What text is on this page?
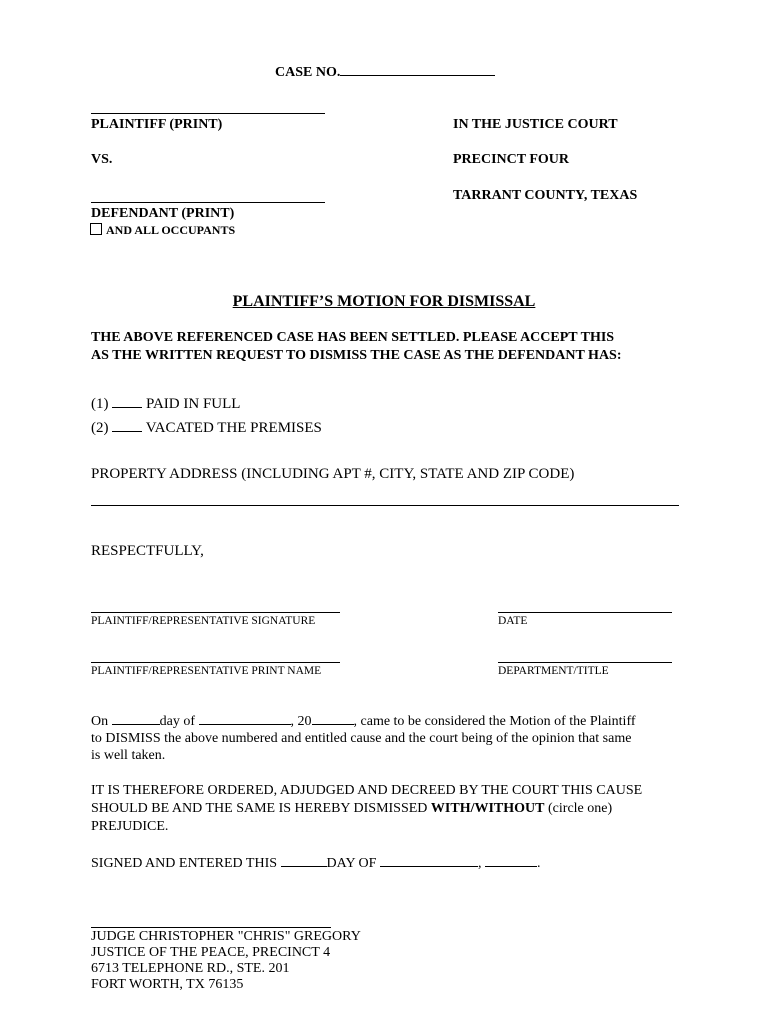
CASE NO.
PLAINTIFF (PRINT)
VS.
DEFENDANT (PRINT)
AND ALL OCCUPANTS
IN THE JUSTICE COURT
PRECINCT FOUR
TARRANT COUNTY, TEXAS
PLAINTIFF’S MOTION FOR DISMISSAL
THE ABOVE REFERENCED CASE HAS BEEN SETTLED. PLEASE ACCEPT THIS
AS THE WRITTEN REQUEST TO DISMISS THE CASE AS THE DEFENDANT HAS:
(1)	PAID IN FULL
(2) VACATED THE PREMISES
PROPERTY ADDRESS (INCLUDING APT #, CITY, STATE AND ZIP CODE)
RESPECTFULLY,
PLAINTIFF/REPRESENTATIVE SIGNATURE	DATE
PLAINTIFF/REPRESENTATIVE PRINT NAME	DEPARTMENT/TITLE
On	day of	, 20	, came to be considered the Motion of the Plaintiff
to DISMISS the above numbered and entitled cause and the court being of the opinion that same
is well taken.
IT IS THEREFORE ORDERED, ADJUDGED AND DECREED BY THE COURT THIS CAUSE
SHOULD BE AND THE SAME IS HEREBY DISMISSED WITH/WITHOUT (circle one)
PREJUDICE.
SIGNED AND ENTERED THIS	DAY OF	,	.
JUDGE CHRISTOPHER "CHRIS" GREGORY
JUSTICE OF THE PEACE, PRECINCT 4
6713 TELEPHONE RD., STE. 201
FORT WORTH, TX 76135
